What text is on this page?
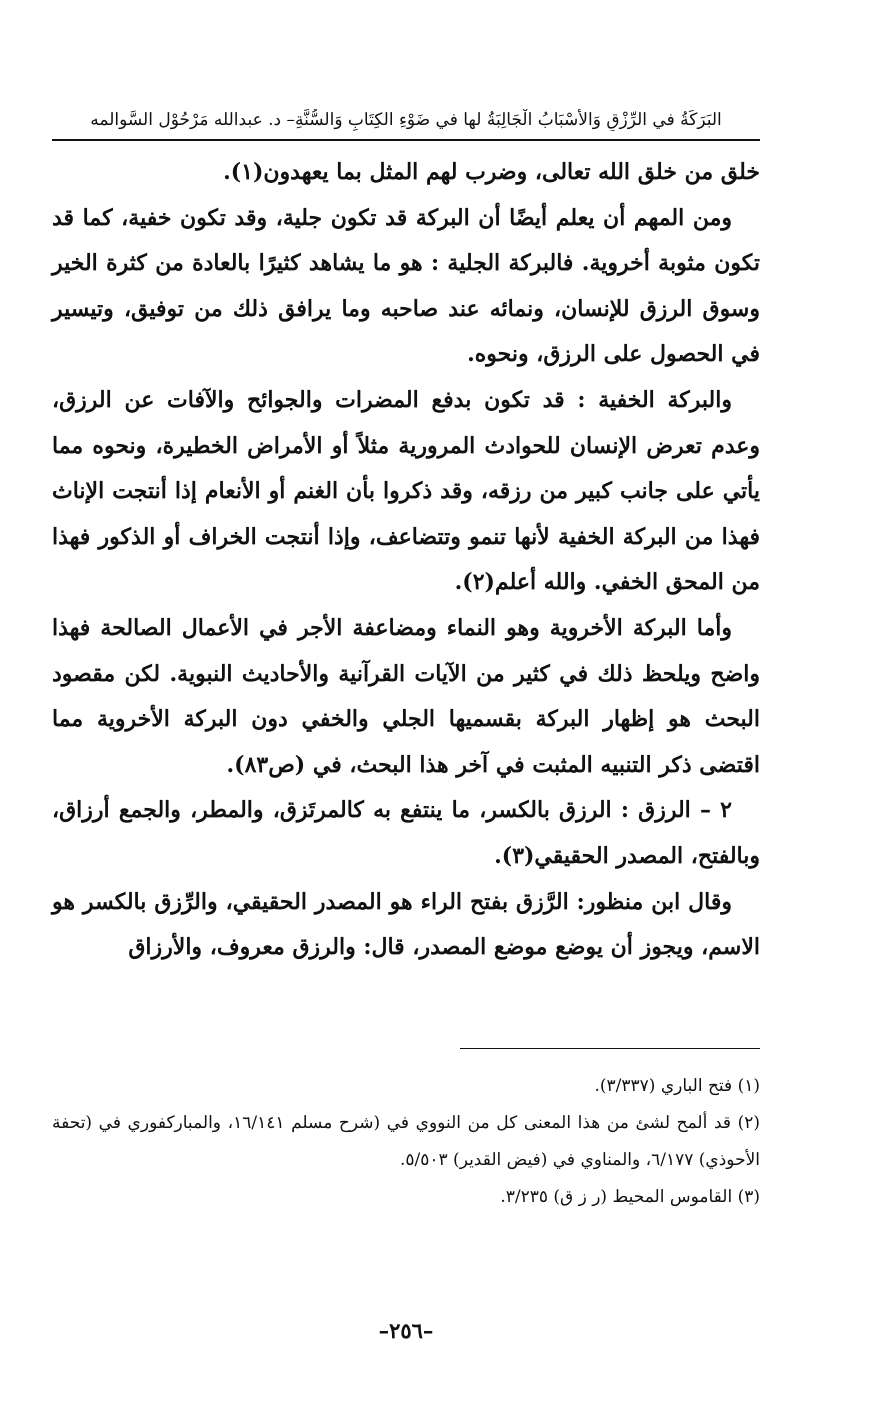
البَرَكَةُ في الرِّزْقِ وَالأَسْبَابُ الْجَالِبَةُ لها في ضَوْءِ الكِتَابِ وَالسُّنَّةِ– د. عبدالله مَرْحُوْل السَّوالمه

خلق من خلق الله تعالى، وضرب لهم المثل بما يعهدون(١).

ومن المهم أن يعلم أيضًا أن البركة قد تكون جلية، وقد تكون خفية، كما قد تكون مثوبة أخروية. فالبركة الجلية : هو ما يشاهد كثيرًا بالعادة من كثرة الخير وسوق الرزق للإنسان، ونمائه عند صاحبه وما يرافق ذلك من توفيق، وتيسير في الحصول على الرزق، ونحوه.

والبركة الخفية : قد تكون بدفع المضرات والجوائح والآفات عن الرزق، وعدم تعرض الإنسان للحوادث المرورية مثلاً أو الأمراض الخطيرة، ونحوه مما يأتي على جانب كبير من رزقه، وقد ذكروا بأن الغنم أو الأنعام إذا أنتجت الإناث فهذا من البركة الخفية لأنها تنمو وتتضاعف، وإذا أنتجت الخراف أو الذكور فهذا من المحق الخفي. والله أعلم(٢).

وأما البركة الأخروية وهو النماء ومضاعفة الأجر في الأعمال الصالحة فهذا واضح ويلحظ ذلك في كثير من الآيات القرآنية والأحاديث النبوية. لكن مقصود البحث هو إظهار البركة بقسميها الجلي والخفي دون البركة الأخروية مما اقتضى ذكر التنبيه المثبت في آخر هذا البحث، في (ص٨٣).

٢ – الرزق : الرزق بالكسر، ما ينتفع به كالمرتَزق، والمطر، والجمع أرزاق، وبالفتح، المصدر الحقيقي(٣).

وقال ابن منظور: الرَّزق بفتح الراء هو المصدر الحقيقي، والرِّزق بالكسر هو الاسم، ويجوز أن يوضع موضع المصدر، قال: والرزق معروف، والأرزاق

(١) فتح الباري (٣/٣٣٧).

(٢) قد ألمح لشئ من هذا المعنى كل من النووي في (شرح مسلم ١٦/١٤١، والمباركفوري في (تحفة الأحوذي) ٦/١٧٧، والمناوي في (فيض القدير) ٥/٥٠٣.

(٣) القاموس المحيط (ر ز ق) ٣/٢٣٥.

–٢٥٦–
